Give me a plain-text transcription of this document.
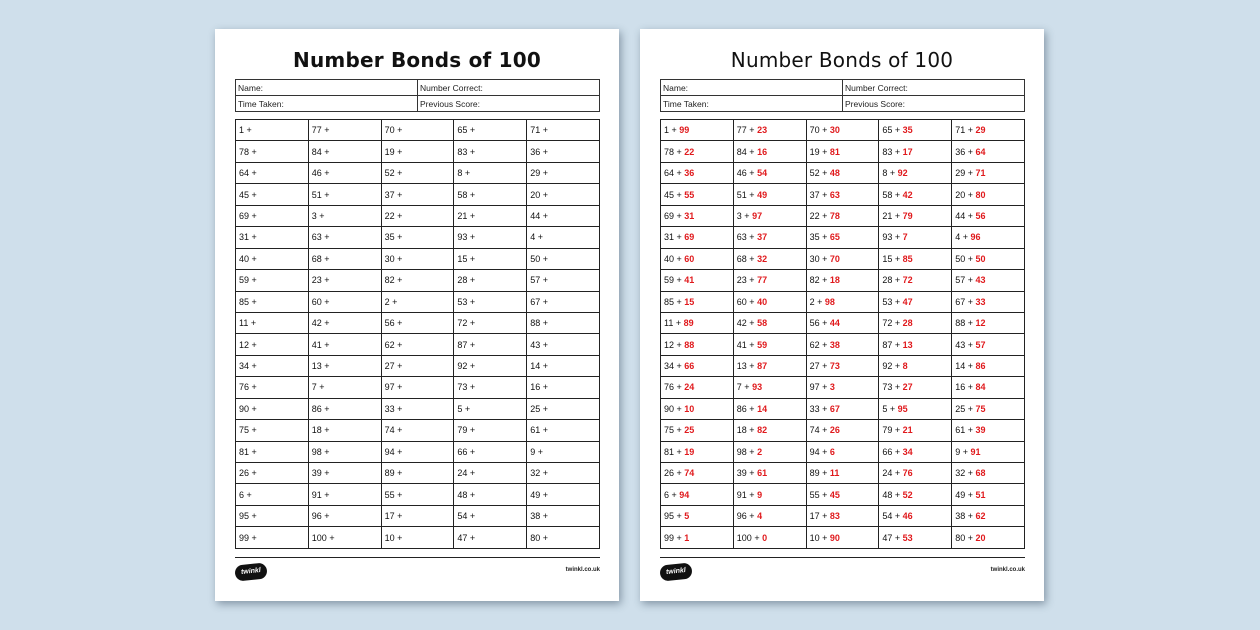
Number Bonds of 100
Name:	Number Correct:
Time Taken:	Previous Score:
1 +	77 +	70 +	65 +	71 +
78 +	84 +	19 +	83 +	36 +
64 +	46 +	52 +	8 +	29 +
45 +	51 +	37 +	58 +	20 +
69 +	3 +	22 +	21 +	44 +
31 +	63 +	35 +	93 +	4 +
40 +	68 +	30 +	15 +	50 +
59 +	23 +	82 +	28 +	57 +
85 +	60 +	2 +	53 +	67 +
11 +	42 +	56 +	72 +	88 +
12 +	41 +	62 +	87 +	43 +
34 +	13 +	27 +	92 +	14 +
76 +	7 +	97 +	73 +	16 +
90 +	86 +	33 +	5 +	25 +
75 +	18 +	74 +	79 +	61 +
81 +	98 +	94 +	66 +	9 +
26 +	39 +	89 +	24 +	32 +
6 +	91 +	55 +	48 +	49 +
95 +	96 +	17 +	54 +	38 +
99 +	100 +	10 +	47 +	80 +
twinkl	twinkl.co.uk
Number Bonds of 100
Name:	Number Correct:
Time Taken:	Previous Score:
1 + 99	77 + 23	70 + 30	65 + 35	71 + 29
78 + 22	84 + 16	19 + 81	83 + 17	36 + 64
64 + 36	46 + 54	52 + 48	8 + 92	29 + 71
45 + 55	51 + 49	37 + 63	58 + 42	20 + 80
69 + 31	3 + 97	22 + 78	21 + 79	44 + 56
31 + 69	63 + 37	35 + 65	93 + 7	4 + 96
40 + 60	68 + 32	30 + 70	15 + 85	50 + 50
59 + 41	23 + 77	82 + 18	28 + 72	57 + 43
85 + 15	60 + 40	2 + 98	53 + 47	67 + 33
11 + 89	42 + 58	56 + 44	72 + 28	88 + 12
12 + 88	41 + 59	62 + 38	87 + 13	43 + 57
34 + 66	13 + 87	27 + 73	92 + 8	14 + 86
76 + 24	7 + 93	97 + 3	73 + 27	16 + 84
90 + 10	86 + 14	33 + 67	5 + 95	25 + 75
75 + 25	18 + 82	74 + 26	79 + 21	61 + 39
81 + 19	98 + 2	94 + 6	66 + 34	9 + 91
26 + 74	39 + 61	89 + 11	24 + 76	32 + 68
6 + 94	91 + 9	55 + 45	48 + 52	49 + 51
95 + 5	96 + 4	17 + 83	54 + 46	38 + 62
99 + 1	100 + 0	10 + 90	47 + 53	80 + 20
twinkl	twinkl.co.uk
